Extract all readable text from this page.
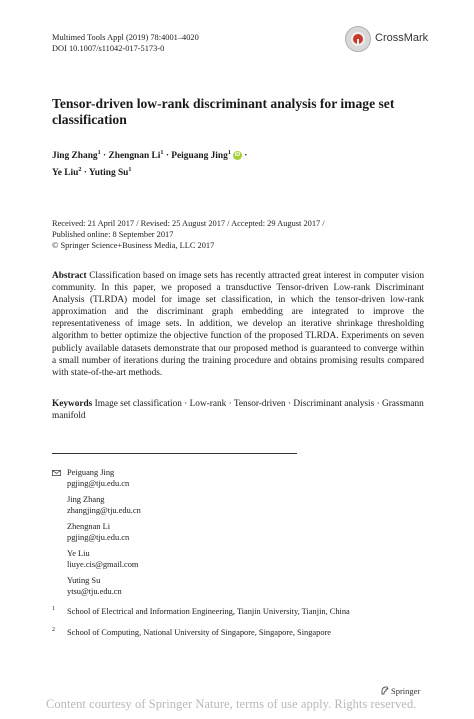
Multimed Tools Appl (2019) 78:4001–4020
DOI 10.1007/s11042-017-5173-0
CrossMark
Tensor-driven low-rank discriminant analysis for image set classification
Jing Zhang$^1$ · Zhengnan $Li^1$ · Peiguang Jing$^1$ iD ·
Ye Liu$^2$ · Yuting Su$^1$
Received: 21 April 2017 / Revised: 25 August 2017 / Accepted: 29 August 2017 /
Published online: 8 September 2017
© Springer Science+Business Media, LLC 2017
Abstract Classification based on image sets has recently attracted great interest in computer vision community. In this paper, we proposed a transductive Tensor-driven Low-rank Discriminant Analysis (TLRDA) model for image set classification, in which the tensor-driven low-rank approximation and the discriminant graph embedding are integrated to improve the representativeness of image sets. In addition, we develop an iterative shrinkage thresholding algorithm to better optimize the objective function of the proposed TLRDA. Experiments on seven publicly available datasets demonstrate that our proposed method is guaranteed to converge within a small number of iterations during the training procedure and obtains promising results compared with state-of-the-art methods.
Keywords Image set classification · Low-rank · Tensor-driven · Discriminant analysis · Grassmann manifold
Peiguang Jing
pgjing@tju.edu.cn
Jing Zhang
zhangjing@tju.edu.cn
Zhengnan Li
pgjing@tju.edu.cn
Ye Liu
liuye.cis@gmail.com
Yuting Su
ytsu@tju.edu.cn
1 School of Electrical and Information Engineering, Tianjin University, Tianjin, China
2 School of Computing, National University of Singapore, Singapore, Singapore
Springer
Content courtesy of Springer Nature, terms of use apply. Rights reserved.
